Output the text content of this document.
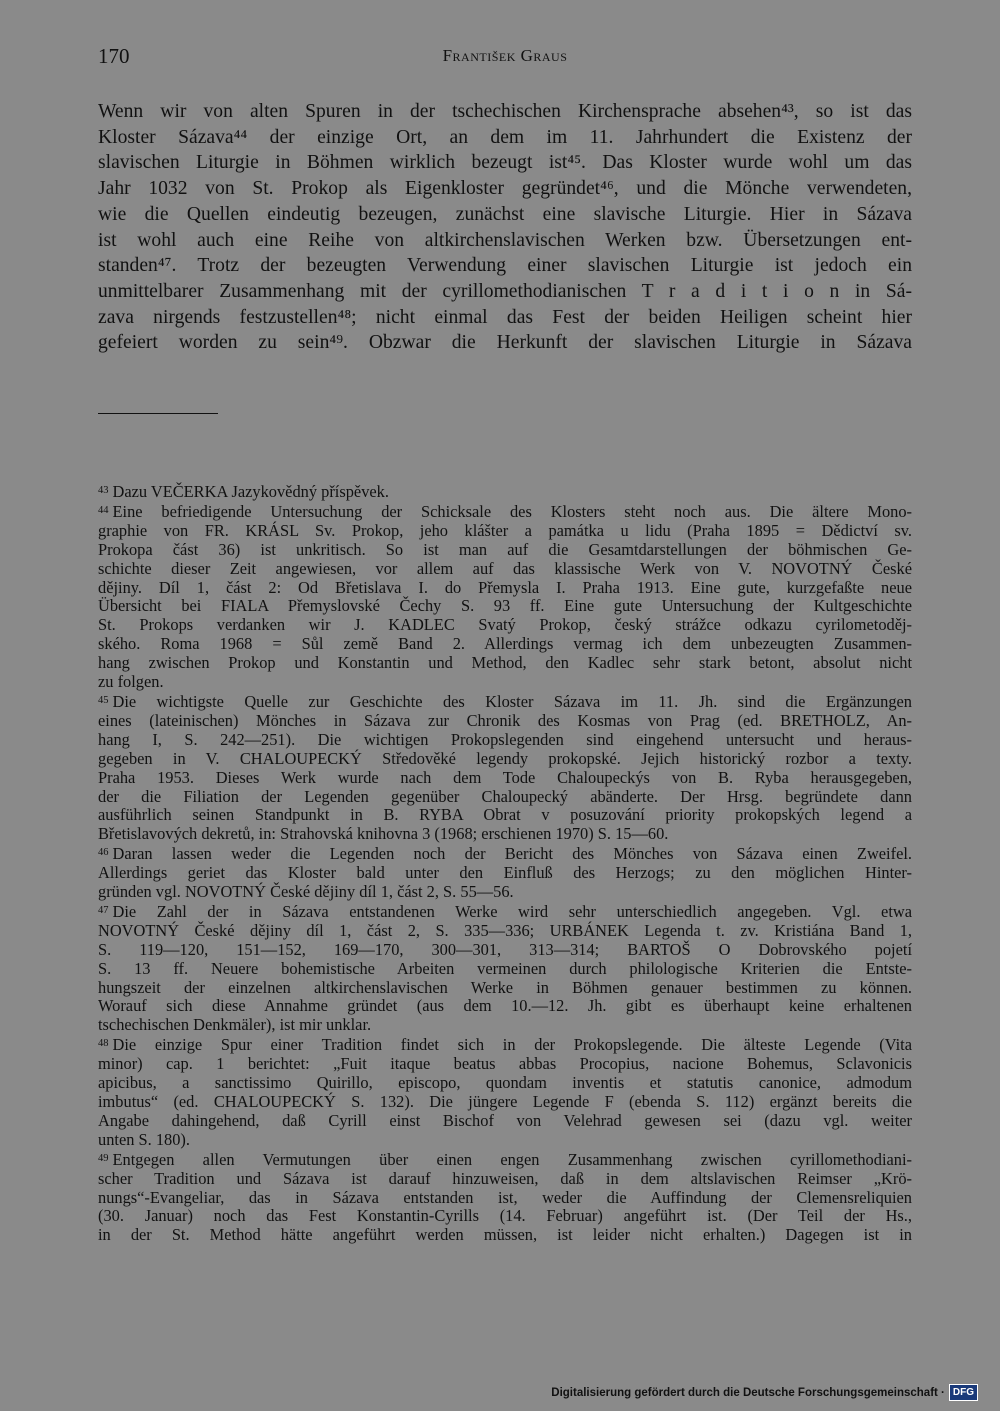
170	František Graus
Wenn wir von alten Spuren in der tschechischen Kirchensprache absehen⁴³, so ist das
Kloster Sázava⁴⁴ der einzige Ort, an dem im 11. Jahrhundert die Existenz der
slavischen Liturgie in Böhmen wirklich bezeugt ist⁴⁵. Das Kloster wurde wohl um das
Jahr 1032 von St. Prokop als Eigenkloster gegründet⁴⁶, und die Mönche verwendeten,
wie die Quellen eindeutig bezeugen, zunächst eine slavische Liturgie. Hier in Sázava
ist wohl auch eine Reihe von altkirchenslavischen Werken bzw. Übersetzungen ent-
standen⁴⁷. Trotz der bezeugten Verwendung einer slavischen Liturgie ist jedoch ein
unmittelbarer Zusammenhang mit der cyrillomethodianischen T r a d i t i o n in Sá-
zava nirgends festzustellen⁴⁸; nicht einmal das Fest der beiden Heiligen scheint hier
gefeiert worden zu sein⁴⁹. Obzwar die Herkunft der slavischen Liturgie in Sázava
$^{43}$ Dazu VEČERKA Jazykovědný příspěvek.
$^{44}$ Eine befriedigende Untersuchung der Schicksale des Klosters steht noch aus. Die ältere Mono-
graphie von FR. KRÁSL Sv. Prokop, jeho klášter a památka u lidu (Praha 1895 = Dědictví sv.
Prokopa část 36) ist unkritisch. So ist man auf die Gesamtdarstellungen der böhmischen Ge-
schichte dieser Zeit angewiesen, vor allem auf das klassische Werk von V. NOVOTNÝ České
dějiny. Díl 1, část 2: Od Břetislava I. do Přemysla I. Praha 1913. Eine gute, kurzgefaßte neue
Übersicht bei FIALA Přemyslovské Čechy S. 93 ff. Eine gute Untersuchung der Kultgeschichte
St. Prokops verdanken wir J. KADLEC Svatý Prokop, český strážce odkazu cyrilometoděj-
ského. Roma 1968 = Sůl země Band 2. Allerdings vermag ich dem unbezeugten Zusammen-
hang zwischen Prokop und Konstantin und Method, den Kadlec sehr stark betont, absolut nicht
zu folgen.
$^{45}$ Die wichtigste Quelle zur Geschichte des Kloster Sázava im 11. Jh. sind die Ergänzungen
eines (lateinischen) Mönches in Sázava zur Chronik des Kosmas von Prag (ed. BRETHOLZ, An-
hang I, S. 242—251). Die wichtigen Prokopslegenden sind eingehend untersucht und heraus-
gegeben in V. CHALOUPECKÝ Středověké legendy prokopské. Jejich historický rozbor a texty.
Praha 1953. Dieses Werk wurde nach dem Tode Chaloupeckýs von B. Ryba herausgegeben,
der die Filiation der Legenden gegenüber Chaloupecký abänderte. Der Hrsg. begründete dann
ausführlich seinen Standpunkt in B. RYBA Obrat v posuzování priority prokopských legend a
Břetislavových dekretů, in: Strahovská knihovna 3 (1968; erschienen 1970) S. 15—60.
$^{46}$ Daran lassen weder die Legenden noch der Bericht des Mönches von Sázava einen Zweifel.
Allerdings geriet das Kloster bald unter den Einfluß des Herzogs; zu den möglichen Hinter-
gründen vgl. NOVOTNÝ České dějiny díl 1, část 2, S. 55—56.
$^{47}$ Die Zahl der in Sázava entstandenen Werke wird sehr unterschiedlich angegeben. Vgl. etwa
NOVOTNÝ České dějiny díl 1, část 2, S. 335—336; URBÁNEK Legenda t. zv. Kristiána Band 1,
S. 119—120, 151—152, 169—170, 300—301, 313—314; BARTOŠ O Dobrovského pojetí
S. 13 ff. Neuere bohemistische Arbeiten vermeinen durch philologische Kriterien die Entste-
hungszeit der einzelnen altkirchenslavischen Werke in Böhmen genauer bestimmen zu können.
Worauf sich diese Annahme gründet (aus dem 10.—12. Jh. gibt es überhaupt keine erhaltenen
tschechischen Denkmäler), ist mir unklar.
$^{48}$ Die einzige Spur einer Tradition findet sich in der Prokopslegende. Die älteste Legende (Vita
minor) cap. 1 berichtet: „Fuit itaque beatus abbas Procopius, nacione Bohemus, Sclavonicis
apicibus, a sanctissimo Quirillo, episcopo, quondam inventis et statutis canonice, admodum
imbutus“ (ed. CHALOUPECKÝ S. 132). Die jüngere Legende F (ebenda S. 112) ergänzt bereits die
Angabe dahingehend, daß Cyrill einst Bischof von Velehrad gewesen sei (dazu vgl. weiter
unten S. 180).
$^{49}$ Entgegen allen Vermutungen über einen engen Zusammenhang zwischen cyrillomethodiani-
scher Tradition und Sázava ist darauf hinzuweisen, daß in dem altslavischen Reimser „Krö-
nungs“-Evangeliar, das in Sázava entstanden ist, weder die Auffindung der Clemensreliquien
(30. Januar) noch das Fest Konstantin-Cyrills (14. Februar) angeführt ist. (Der Teil der Hs.,
in der St. Method hätte angeführt werden müssen, ist leider nicht erhalten.) Dagegen ist in
Digitalisierung gefördert durch die Deutsche Forschungsgemeinschaft · DFG
